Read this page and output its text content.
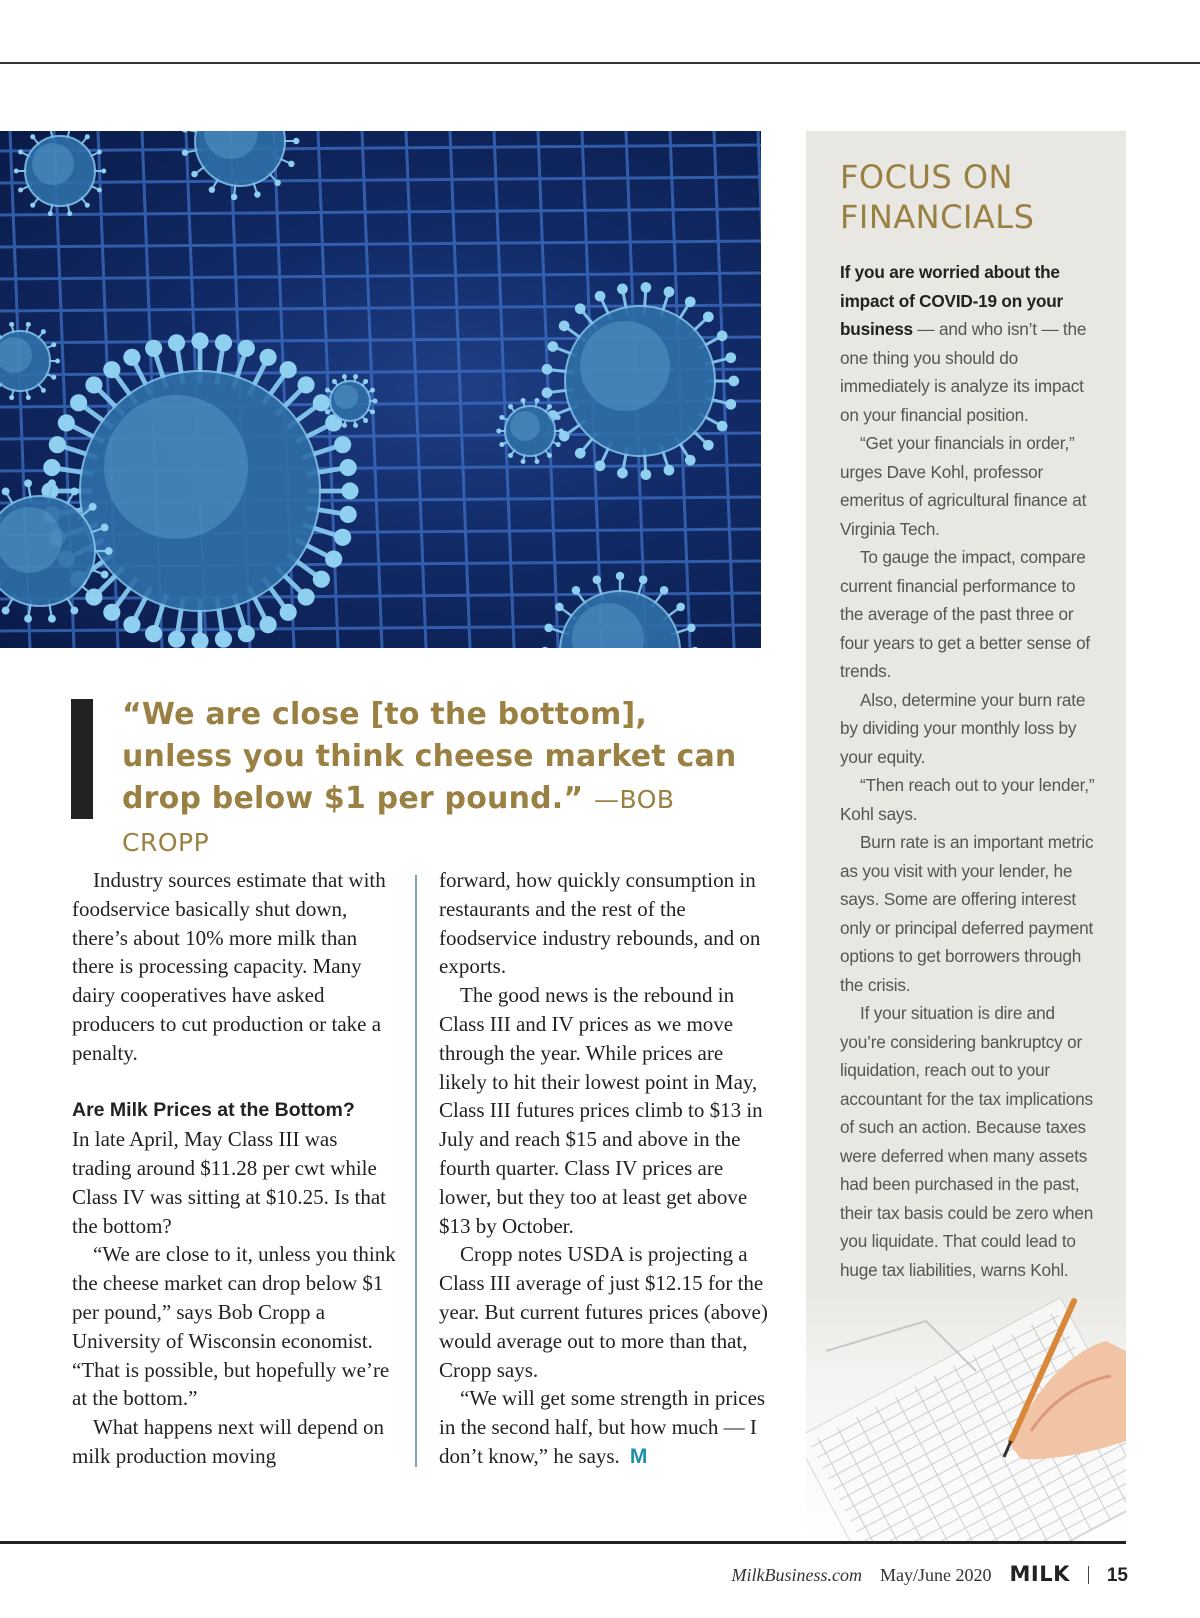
“We are close [to the bottom], unless you think cheese market can drop below $1 per pound.” —BOB CROPP

Industry sources estimate that with foodservice basically shut down, there’s about 10% more milk than there is processing capacity. Many dairy cooperatives have asked producers to cut production or take a penalty.

Are Milk Prices at the Bottom?

In late April, May Class III was trading around $11.28 per cwt while Class IV was sitting at $10.25. Is that the bottom?

“We are close to it, unless you think the cheese market can drop below $1 per pound,” says Bob Cropp a University of Wisconsin economist. “That is possible, but hopefully we’re at the bottom.”

What happens next will depend on milk production moving

forward, how quickly consumption in restaurants and the rest of the foodservice industry rebounds, and on exports.

The good news is the rebound in Class III and IV prices as we move through the year. While prices are likely to hit their lowest point in May, Class III futures prices climb to $13 in July and reach $15 and above in the fourth quarter. Class IV prices are lower, but they too at least get above $13 by October.

Cropp notes USDA is projecting a Class III average of just $12.15 for the year. But current futures prices (above) would average out to more than that, Cropp says.

“We will get some strength in prices in the second half, but how much — I don’t know,” he says. M

FOCUS ON FINANCIALS

If you are worried about the impact of COVID-19 on your business — and who isn’t — the one thing you should do immediately is analyze its impact on your financial position.

“Get your financials in order,” urges Dave Kohl, professor emeritus of agricultural finance at Virginia Tech.

To gauge the impact, compare current financial performance to the average of the past three or four years to get a better sense of trends.

Also, determine your burn rate by dividing your monthly loss by your equity.

“Then reach out to your lender,” Kohl says.

Burn rate is an important metric as you visit with your lender, he says. Some are offering interest only or principal deferred payment options to get borrowers through the crisis.

If your situation is dire and you’re considering bankruptcy or liquidation, reach out to your accountant for the tax implications of such an action. Because taxes were deferred when many assets had been purchased in the past, their tax basis could be zero when you liquidate. That could lead to huge tax liabilities, warns Kohl.

MilkBusiness.com May/June 2020 MILK 15
